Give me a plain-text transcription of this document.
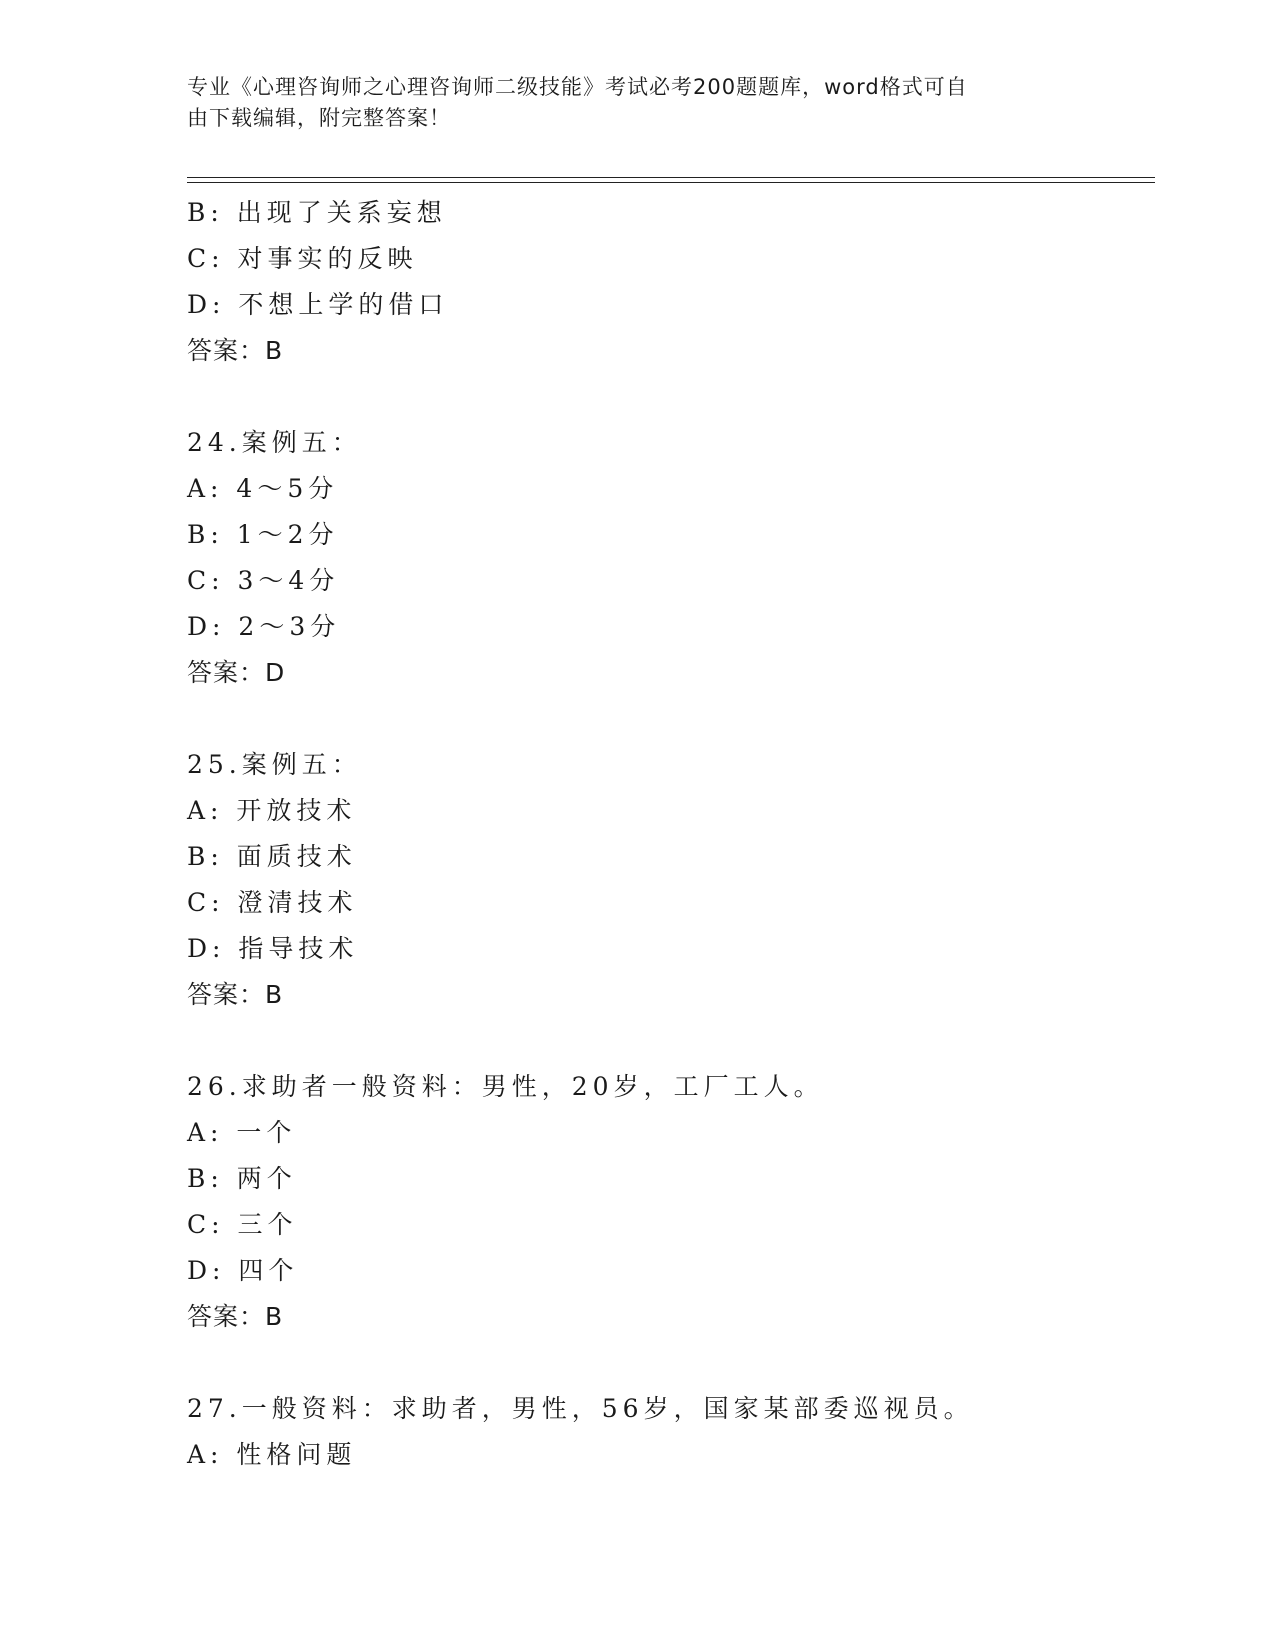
专业《心理咨询师之心理咨询师二级技能》考试必考200题题库，word格式可自
由下载编辑，附完整答案！
B: 出现了关系妄想
C: 对事实的反映
D: 不想上学的借口
答案：B
24.案例五：
A: 4～5分
B: 1～2分
C: 3～4分
D: 2～3分
答案：D
25.案例五：
A: 开放技术
B: 面质技术
C: 澄清技术
D: 指导技术
答案：B
26.求助者一般资料：男性，20岁，工厂工人。
A: 一个
B: 两个
C: 三个
D: 四个
答案：B
27.一般资料：求助者，男性，56岁，国家某部委巡视员。
A: 性格问题
